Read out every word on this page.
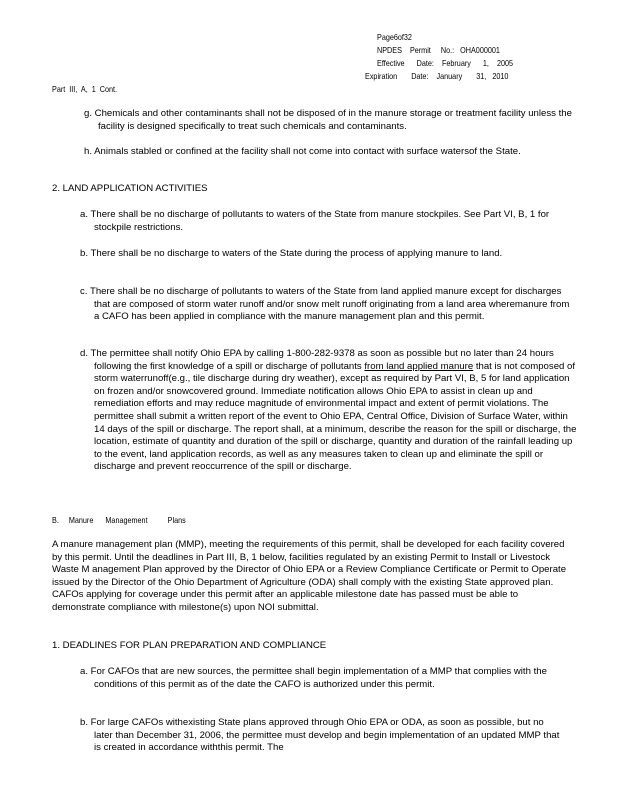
Page6of32
NPDES Permit No.: OHA000001
Effective Date: February 1, 2005
Expiration Date: January 31, 2010
Part  III,  A,  1  Cont.
g. Chemicals and other contaminants shall not be disposed of in the manure storage or treatment facility unless the facility is designed specifically to treat such chemicals and contaminants.
h. Animals stabled or confined at the facility shall not come into contact with surface watersof the State.
2. LAND APPLICATION ACTIVITIES
a. There shall be no discharge of pollutants to waters of the State from manure stockpiles. See Part VI, B, 1 for stockpile restrictions.
b. There shall be no discharge to waters of the State during the process of applying manure to land.
c. There shall be no discharge of pollutants to waters of the State from land applied manure except for discharges that are composed of storm water runoff and/or snow melt runoff originating from a land area wheremanure from a CAFO has been applied in compliance with the manure management plan and this permit.
d. The permittee shall notify Ohio EPA by calling 1-800-282-9378 as soon as possible but no later than 24 hours following the first knowledge of a spill or discharge of pollutants from land applied manure that is not composed of storm waterrunoff(e.g., tile discharge during dry weather), except as required by Part VI, B, 5 for land application on frozen and/or snowcovered ground. Immediate notification allows Ohio EPA to assist in clean up and remediation efforts and may reduce magnitude of environmental impact and extent of permit violations. The permittee shall submit a written report of the event to Ohio EPA, Central Office, Division of Surface Water, within 14 days of the spill or discharge. The report shall, at a minimum, describe the reason for the spill or discharge, the location, estimate of quantity and duration of the spill or discharge, quantity and duration of the rainfall leading up to the event, land application records, as well as any measures taken to clean up and eliminate the spill or discharge and prevent reoccurrence of the spill or discharge.
B.     Manure      Management          Plans
A manure management plan (MMP), meeting the requirements of this permit, shall be developed for each facility covered by this permit. Until the deadlines in Part III, B, 1 below, facilities regulated by an existing Permit to Install or Livestock Waste M anagement Plan approved by the Director of Ohio EPA or a Review Compliance Certificate or Permit to Operate issued by the Director of the Ohio Department of Agriculture (ODA) shall comply with the existing State approved plan. CAFOs applying for coverage under this permit after an applicable milestone date has passed must be able to demonstrate compliance with milestone(s) upon NOI submittal.
1. DEADLINES FOR PLAN PREPARATION AND COMPLIANCE
a. For CAFOs that are new sources, the permittee shall begin implementation of a MMP that complies with the conditions of this permit as of the date the CAFO is authorized under this permit.
b. For large CAFOs withexisting State plans approved through Ohio EPA or ODA, as soon as possible, but no later than December 31, 2006, the permittee must develop and begin implementation of an updated MMP that is created in accordance withthis permit. The
